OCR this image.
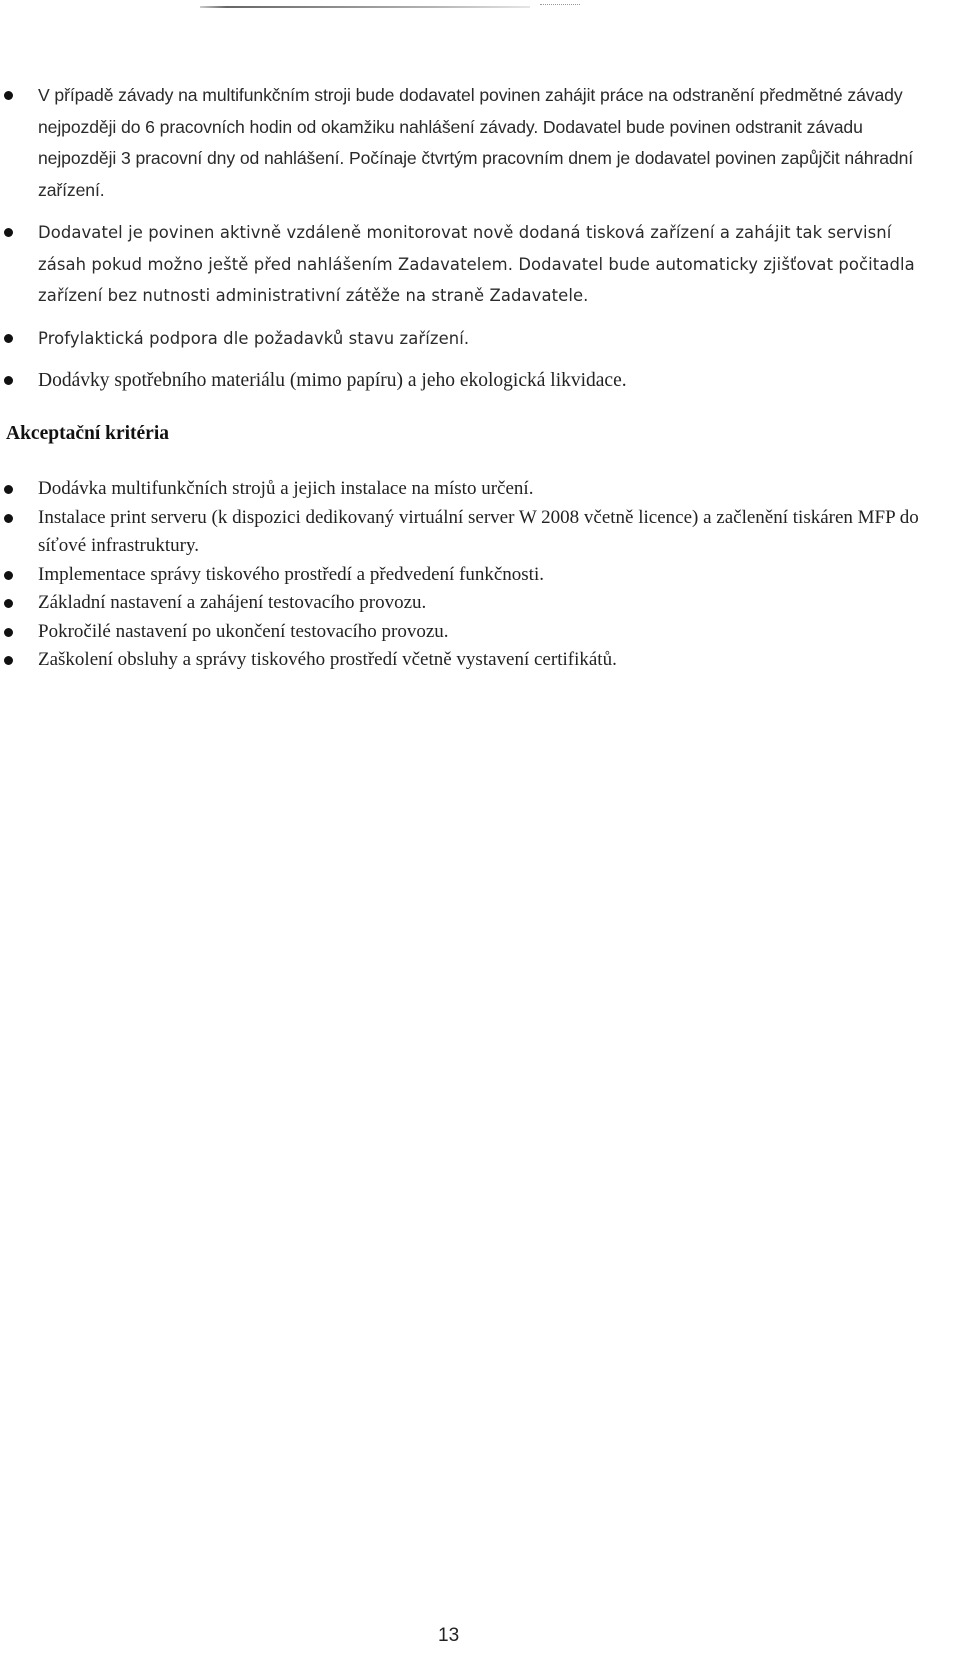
V případě závady na multifunkčním stroji bude dodavatel povinen zahájit práce na odstranění předmětné závady nejpozději do 6 pracovních hodin od okamžiku nahlášení závady. Dodavatel bude povinen odstranit závadu nejpozději 3 pracovní dny od nahlášení. Počínaje čtvrtým pracovním dnem je dodavatel povinen zapůjčit náhradní zařízení.
Dodavatel je povinen aktivně vzdáleně monitorovat nově dodaná tisková zařízení a zahájit tak servisní zásah pokud možno ještě před nahlášením Zadavatelem. Dodavatel bude automaticky zjišťovat počitadla zařízení bez nutnosti administrativní zátěže na straně Zadavatele.
Profylaktická podpora dle požadavků stavu zařízení.
Dodávky spotřebního materiálu (mimo papíru) a jeho ekologická likvidace.
Akceptační kritéria
Dodávka multifunkčních strojů a jejich instalace na místo určení.
Instalace print serveru (k dispozici dedikovaný virtuální server W 2008 včetně licence) a začlenění tiskáren MFP do síťové infrastruktury.
Implementace správy tiskového prostředí a předvedení funkčnosti.
Základní nastavení a zahájení testovacího provozu.
Pokročilé nastavení po ukončení testovacího provozu.
Zaškolení obsluhy a správy tiskového prostředí včetně vystavení certifikátů.
13
